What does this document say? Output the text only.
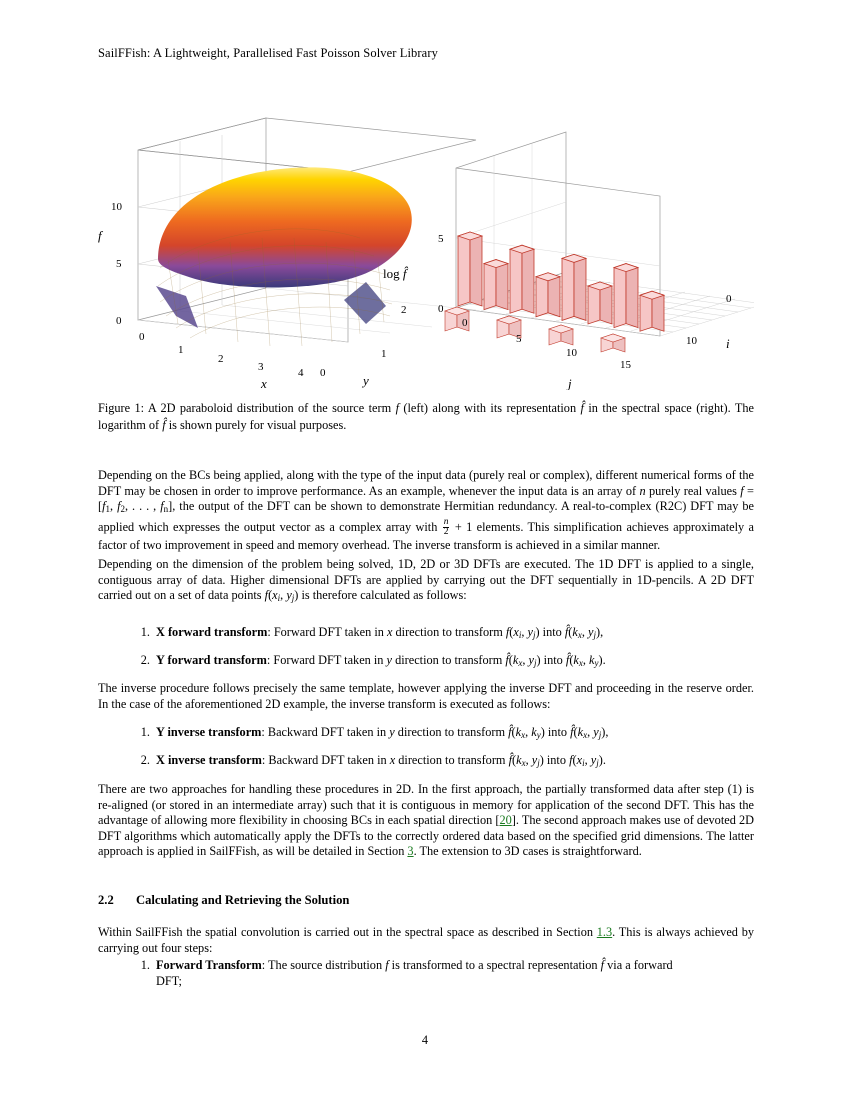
SailFFish: A Lightweight, Parallelised Fast Poisson Solver Library
0
5
10
f
0
1
2
3	4
x
0
1
2
y
0
5
log f̂
0
5
10
15
j
10
0
i
Figure 1: A 2D paraboloid distribution of the source term f (left) along with its representation f̂ in the spectral space (right). The logarithm of f̂ is shown purely for visual purposes.
Depending on the BCs being applied, along with the type of the input data (purely real or complex), different numerical forms of the DFT may be chosen in order to improve performance. As an example, whenever the input data is an array of n purely real values f = [f1, f2, . . . , fn], the output of the DFT can be shown to demonstrate Hermitian redundancy. A real-to-complex (R2C) DFT may be applied which expresses the output vector as a complex array with $\frac{n}{2} + 1$ elements. This simplification achieves approximately a factor of two improvement in speed and memory overhead. The inverse transform is achieved in a similar manner.
Depending on the dimension of the problem being solved, 1D, 2D or 3D DFTs are executed. The 1D DFT is applied to a single, contiguous array of data. Higher dimensional DFTs are applied by carrying out the DFT sequentially in 1D-pencils. A 2D DFT carried out on a set of data points f(xi, yj) is therefore calculated as follows:
1. X forward transform: Forward DFT taken in x direction to transform f(xi, yj) into f̂(kx, yj),
2. Y forward transform: Forward DFT taken in y direction to transform f̂(kx, yj) into f̂(kx, ky).
The inverse procedure follows precisely the same template, however applying the inverse DFT and proceeding in the reserve order. In the case of the aforementioned 2D example, the inverse transform is executed as follows:
1. Y inverse transform: Backward DFT taken in y direction to transform f̂(kx, ky) into f̂(kx, yj),
2. X inverse transform: Backward DFT taken in x direction to transform f̂(kx, yj) into f(xi, yj).
There are two approaches for handling these procedures in 2D. In the first approach, the partially transformed data after step (1) is re-aligned (or stored in an intermediate array) such that it is contiguous in memory for application of the second DFT. This has the advantage of allowing more flexibility in choosing BCs in each spatial direction [20]. The second approach makes use of devoted 2D DFT algorithms which automatically apply the DFTs to the correctly ordered data based on the specified grid dimensions. The latter approach is applied in SailFFish, as will be detailed in Section 3. The extension to 3D cases is straightforward.
2.2 Calculating and Retrieving the Solution
Within SailFFish the spatial convolution is carried out in the spectral space as described in Section 1.3. This is always achieved by carrying out four steps:
1. Forward Transform: The source distribution f is transformed to a spectral representation f̂ via a forward
DFT;
4
